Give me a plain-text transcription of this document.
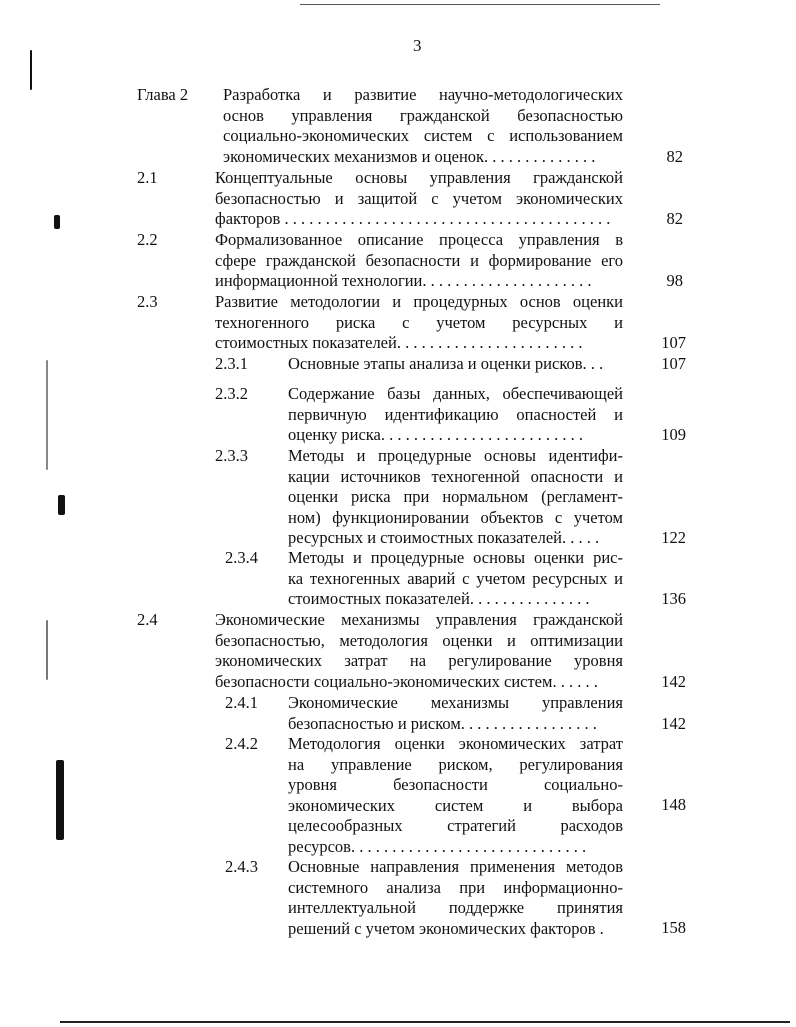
3
Глава 2 Разработка и развитие научно-методологических
основ управления гражданской безопасностью
социально-экономических систем с использованием
экономических механизмов и оценок. . . . . . . . . . . . . .	82
2.1	Концептуальные основы управления гражданской
безопасностью и защитой с учетом экономических
факторов . . . . . . . . . . . . . . . . . . . . . . . . . . . . . . . . . . . . . . . .	82
2.2	Формализованное описание процесса управления в
сфере гражданской безопасности и формирование его
информационной технологии. . . . . . . . . . . . . . . . . . . . .	98
2.3	Развитие методологии и процедурных основ оценки
техногенного риска с учетом ресурсных и
стоимостных показателей. . . . . . . . . . . . . . . . . . . . . . .	107
2.3.1 Основные этапы анализа и оценки рисков. . .	107
2.3.2 Содержание базы данных, обеспечивающей
первичную идентификацию опасностей и
оценку риска. . . . . . . . . . . . . . . . . . . . . . . . .	109
2.3.3 Методы и процедурные основы идентифи-
кации источников техногенной опасности и
оценки риска при нормальном (регламент-
ном) функционировании объектов с учетом
ресурсных и стоимостных показателей. . . . .	122
2.3.4 Методы и процедурные основы оценки рис-
ка техногенных аварий с учетом ресурсных и
стоимостных показателей. . . . . . . . . . . . . . .	136
2.4	Экономические механизмы управления гражданской
безопасностью, методология оценки и оптимизации
экономических затрат на регулирование уровня
безопасности социально-экономических систем. . . . . .	142
2.4.1 Экономические механизмы управления
безопасностью и риском. . . . . . . . . . . . . . . . .	142
2.4.2 Методология оценки экономических затрат
на управление риском, регулирования
уровня безопасности социально-
экономических систем и выбора
целесообразных стратегий расходов
ресурсов. . . . . . . . . . . . . . . . . . . . . . . . . . . . .
148
2.4.3 Основные направления применения методов
системного анализа при информационно-
интеллектуальной поддержке принятия
решений с учетом экономических факторов .	158
